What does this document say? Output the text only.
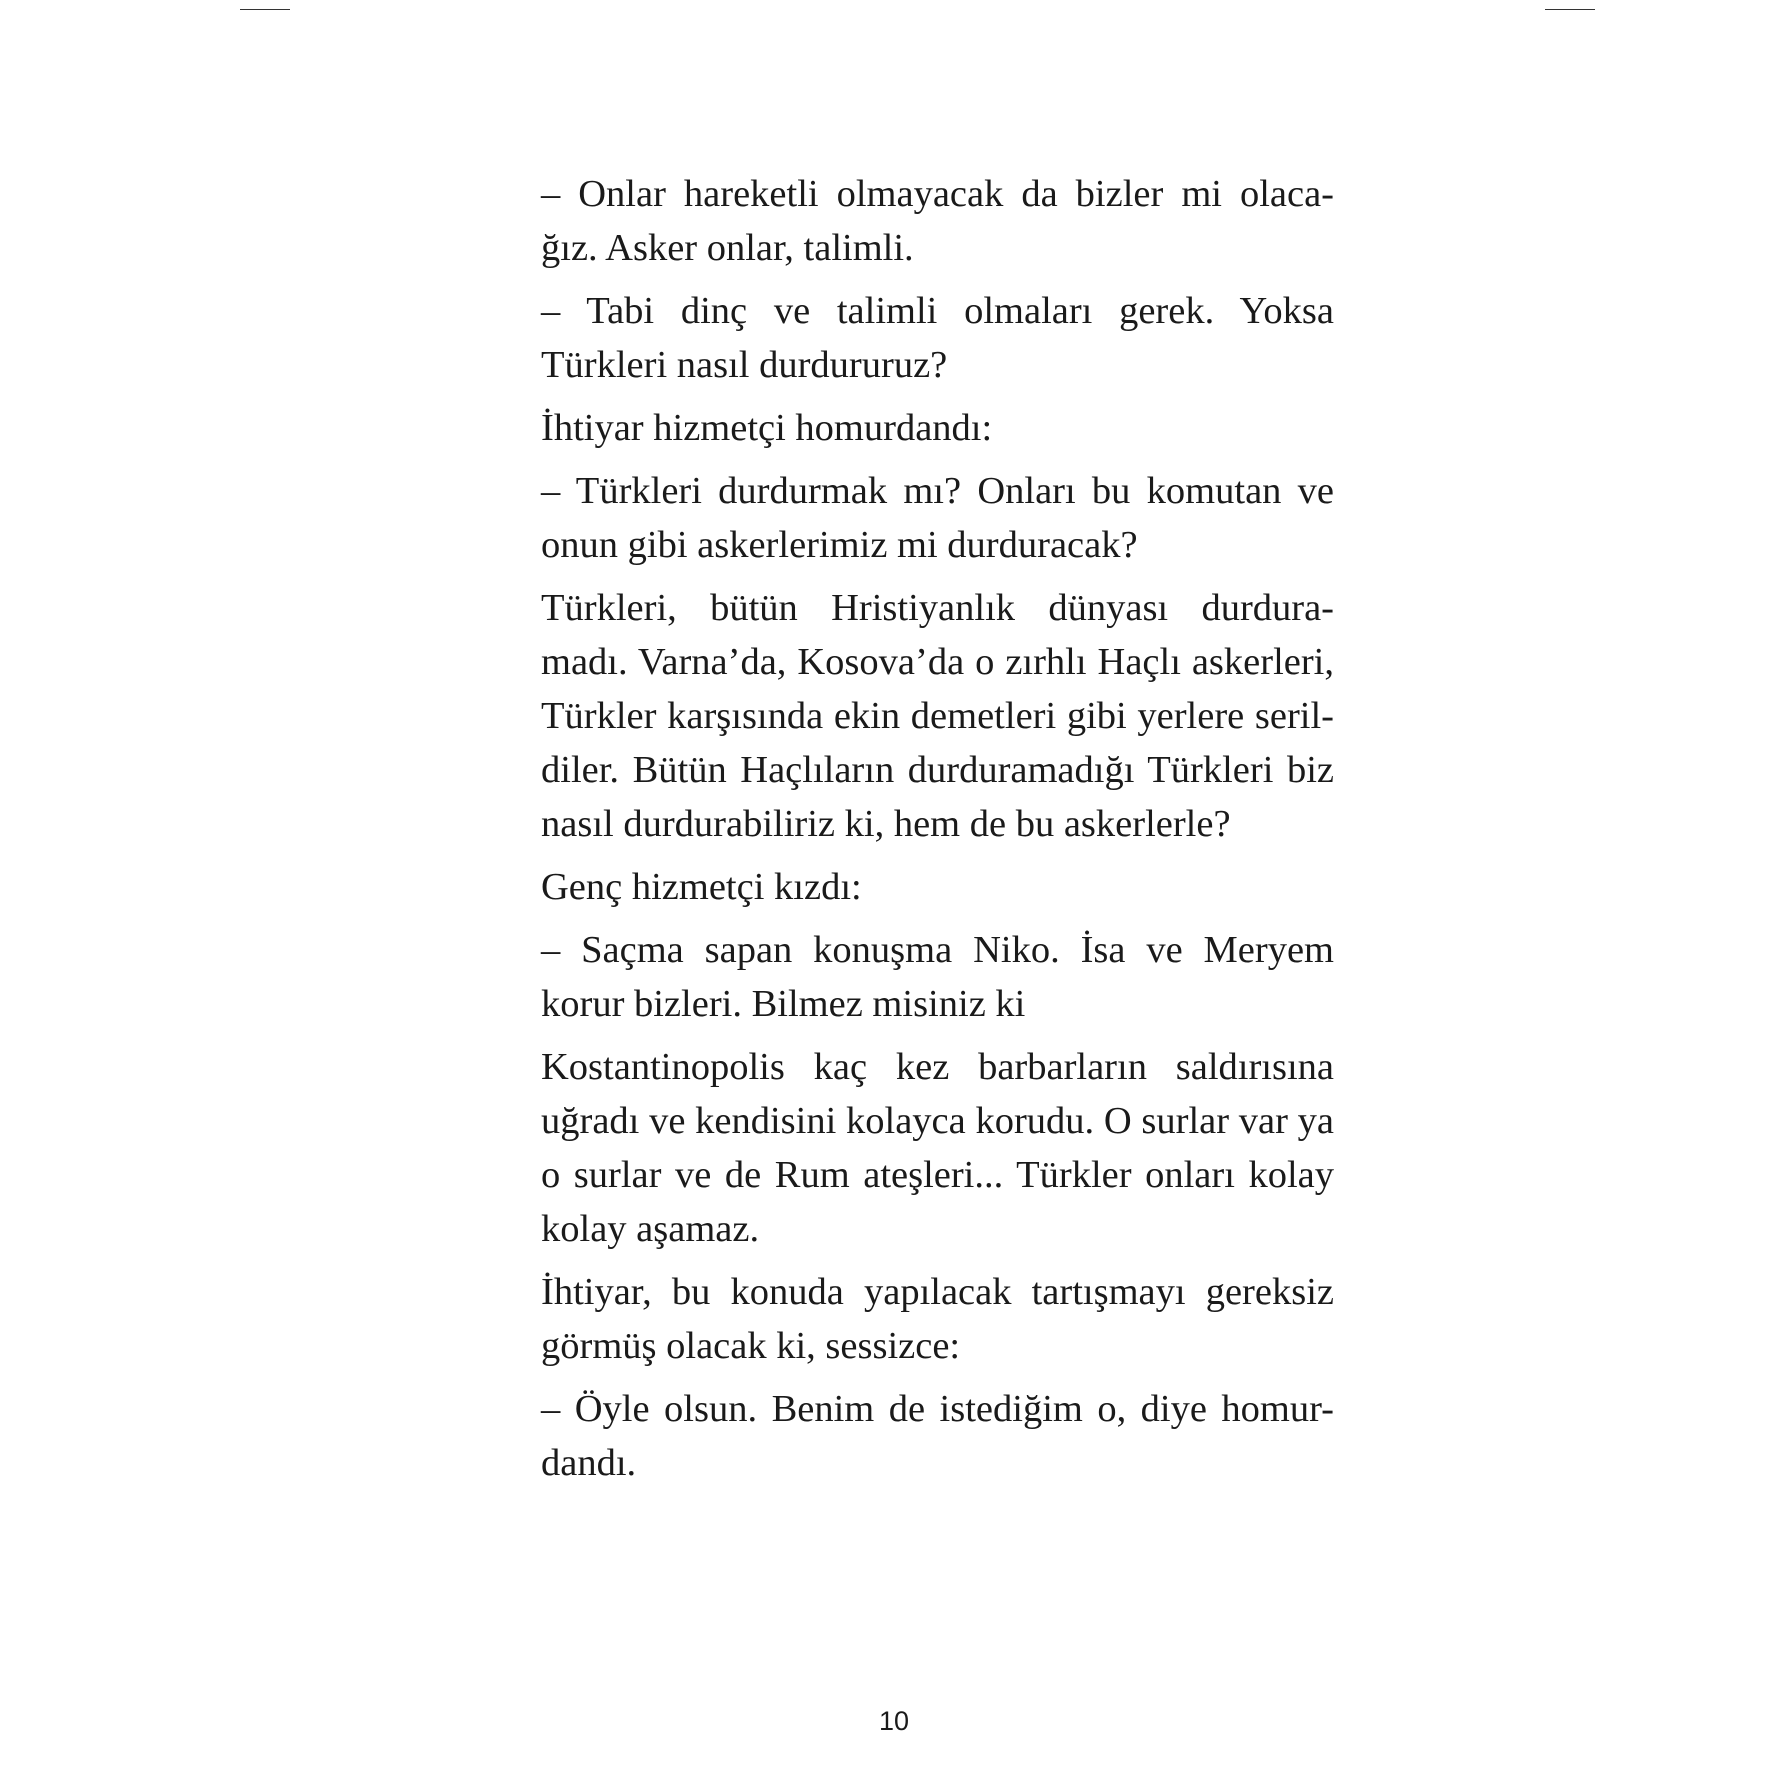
– Onlar hareketli olmayacak da bizler mi olaca-
ğız. Asker onlar, talimli.

– Tabi dinç ve talimli olmaları gerek. Yoksa
Türkleri nasıl durdururuz?

İhtiyar hizmetçi homurdandı:

– Türkleri durdurmak mı? Onları bu komutan ve
onun gibi askerlerimiz mi durduracak?

Türkleri, bütün Hristiyanlık dünyası durdura-
madı. Varna’da, Kosova’da o zırhlı Haçlı askerleri,
Türkler karşısında ekin demetleri gibi yerlere seril-
diler. Bütün Haçlıların durduramadığı Türkleri biz
nasıl durdurabiliriz ki, hem de bu askerlerle?

Genç hizmetçi kızdı:

– Saçma sapan konuşma Niko. İsa ve Meryem
korur bizleri. Bilmez misiniz ki

Kostantinopolis kaç kez barbarların saldırısına
uğradı ve kendisini kolayca korudu. O surlar var ya
o surlar ve de Rum ateşleri... Türkler onları kolay
kolay aşamaz.

İhtiyar, bu konuda yapılacak tartışmayı gereksiz
görmüş olacak ki, sessizce:

– Öyle olsun. Benim de istediğim o, diye homur-
dandı.

10
